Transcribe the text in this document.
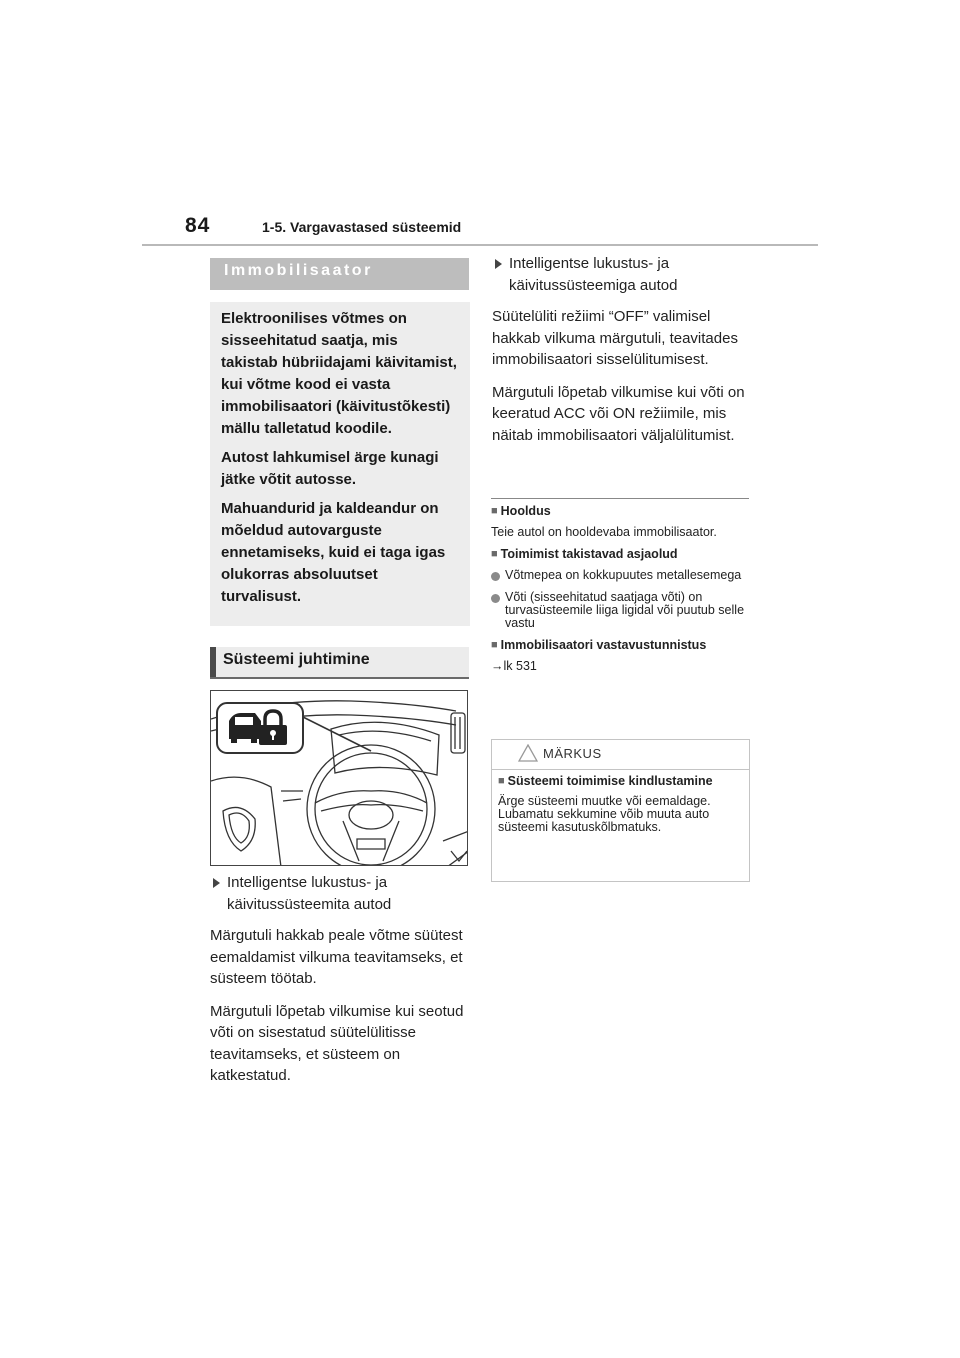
84	1-5. Vargavastased süsteemid
Immobilisaator

Elektroonilises võtmes on sisseehitatud saatja, mis takistab hübriidajami käivitamist, kui võtme kood ei vasta immobilisaatori (käivitustõkesti) mällu talletatud koodile.

Autost lahkumisel ärge kunagi jätke võtit autosse.

Mahuandurid ja kaldeandur on mõeldud autovarguste ennetamiseks, kuid ei taga igas olukorras absoluutset turvalisust.

Süsteemi juhtimine

Intelligentse lukustus- ja käivitussüsteemita autod

Märgutuli hakkab peale võtme süütest eemaldamist vilkuma teavitamseks, et süsteem töötab.

Märgutuli lõpetab vilkumise kui seotud võti on sisestatud süütelülitisse teavitamseks, et süsteem on katkestatud.

Intelligentse lukustus- ja käivitussüsteemiga autod

Süütelüliti režiimi “OFF” valimisel hakkab vilkuma märgutuli, teavitades immobilisaatori sisselülitumisest.

Märgutuli lõpetab vilkumise kui võti on keeratud ACC või ON režiimile, mis näitab immobilisaatori väljalülitumist.

■ Hooldus
Teie autol on hooldevaba immobilisaator.
■ Toimimist takistavad asjaolud
Võtmepea on kokkupuutes metallesemega
Võti (sisseehitatud saatjaga võti) on turvasüsteemile liiga ligidal või puutub selle vastu
■ Immobilisaatori vastavustunnistus
→lk 531
MÄRKUS
■ Süsteemi toimimise kindlustamine
Ärge süsteemi muutke või eemaldage. Lubamatu sekkumine võib muuta auto süsteemi kasutuskõlbmatuks.
